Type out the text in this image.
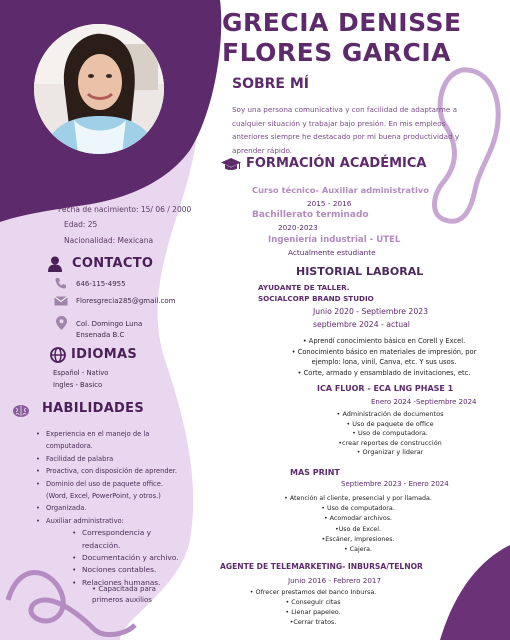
GRECIA DENISSE
FLORES GARCIA
SOBRE MÍ
Soy una persona comunicativa y con facilidad de adaptarme a cualquier situación y trabajar bajo presión. En mis empleos anteriores siempre he destacado por mi buena productividad y aprender rápido.
Fecha de nacimiento: 15/ 06 / 2000
Edad: 25
Nacionalidad: Mexicana
CONTACTO
646-115-4955
Floresgrecia285@gmail.com
Col. Domingo Luna
Ensenada B.C
IDIOMAS
Español - Nativo
Ingles - Basico
HABILIDADES
• Experiencia en el manejo de la computadora.
• Facilidad de palabra
• Proactiva, con disposición de aprender.
• Dominio del uso de paquete office. (Word, Excel, PowerPoint, y otros.)
• Organizada.
• Auxiliar administrativo:
• Correspondencia y redacción.
• Documentación y archivo.
• Nociones contables.
• Relaciones humanas.
• Capacitada para primeros auxilios
FORMACIÓN ACADÉMICA
Curso técnico- Auxiliar administrativo
2015 - 2016
Bachillerato terminado
2020-2023
Ingeniería industrial - UTEL
Actualmente estudiante
HISTORIAL LABORAL
AYUDANTE DE TALLER.
SOCIALCORP BRAND STUDIO
Junio 2020 - Septiembre 2023
septiembre 2024 - actual
• Aprendí conocimiento básico en Corell y Excel.
• Conocimiento básico en materiales de impresión, por ejemplo: lona, vinil, Canva, etc. Y sus usos.
• Corte, armado y ensamblado de invitaciones, etc.
ICA FLUOR - ECA LNG PHASE 1
Enero 2024 -Septiembre 2024
• Administración de documentos
• Uso de paquete de office
• Uso de computadora.
•crear reportes de construcción
• Organizar y liderar
MAS PRINT
Septiembre 2023 - Enero 2024
• Atención al cliente, presencial y por llamada.
• Uso de computadora.
• Acomodar archivos.
•Uso de Excel.
•Escáner, impresiones.
• Cajera.
AGENTE DE TELEMARKETING- INBURSA/TELNOR
Junio 2016 - Febrero 2017
• Ofrecer prestamos del banco Inbursa.
• Conseguir citas
• Llenar papeleo.
•Cerrar tratos.
